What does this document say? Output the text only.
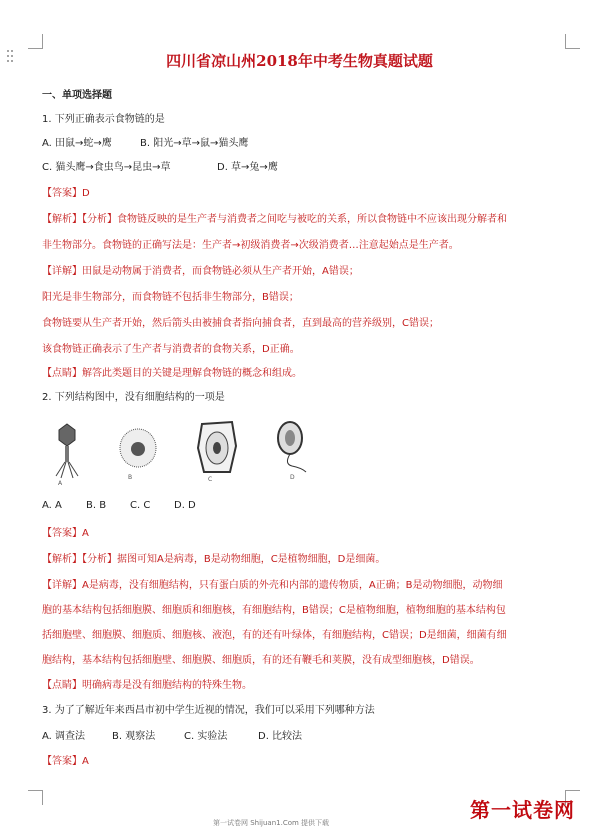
四川省凉山州2018年中考生物真题试题
一、单项选择题
1. 下列正确表示食物链的是
A. 田鼠→蛇→鹰	B. 阳光→草→鼠→猫头鹰
C. 猫头鹰→食虫鸟→昆虫→草	D. 草→兔→鹰
【答案】D
【解析】【分析】食物链反映的是生产者与消费者之间吃与被吃的关系，所以食物链中不应该出现分解者和
非生物部分。食物链的正确写法是：生产者→初级消费者→次级消费者…注意起始点是生产者。
【详解】田鼠是动物属于消费者，而食物链必须从生产者开始，A错误；
阳光是非生物部分，而食物链不包括非生物部分，B错误；
食物链要从生产者开始，然后箭头由被捕食者指向捕食者，直到最高的营养级别，C错误；
该食物链正确表示了生产者与消费者的食物关系，D正确。
【点睛】解答此类题目的关键是理解食物链的概念和组成。
2. 下列结构图中，没有细胞结构的一项是
A
B	C	D
A. A B. B C. C D. D
【答案】A
【解析】【分析】据图可知A是病毒，B是动物细胞，C是植物细胞，D是细菌。
【详解】A是病毒，没有细胞结构，只有蛋白质的外壳和内部的遗传物质，A正确；B是动物细胞，动物细
胞的基本结构包括细胞膜、细胞质和细胞核，有细胞结构，B错误；C是植物细胞，植物细胞的基本结构包
括细胞壁、细胞膜、细胞质、细胞核、液泡，有的还有叶绿体，有细胞结构，C错误；D是细菌，细菌有细
胞结构，基本结构包括细胞壁、细胞膜、细胞质，有的还有鞭毛和荚膜，没有成型细胞核，D错误。
【点睛】明确病毒是没有细胞结构的特殊生物。
3. 为了了解近年来西昌市初中学生近视的情况，我们可以采用下列哪种方法
A. 调查法	B. 观察法	C. 实验法	D. 比较法
【答案】A
第一试卷网
第一试卷网 Shijuan1.Com 提供下载
